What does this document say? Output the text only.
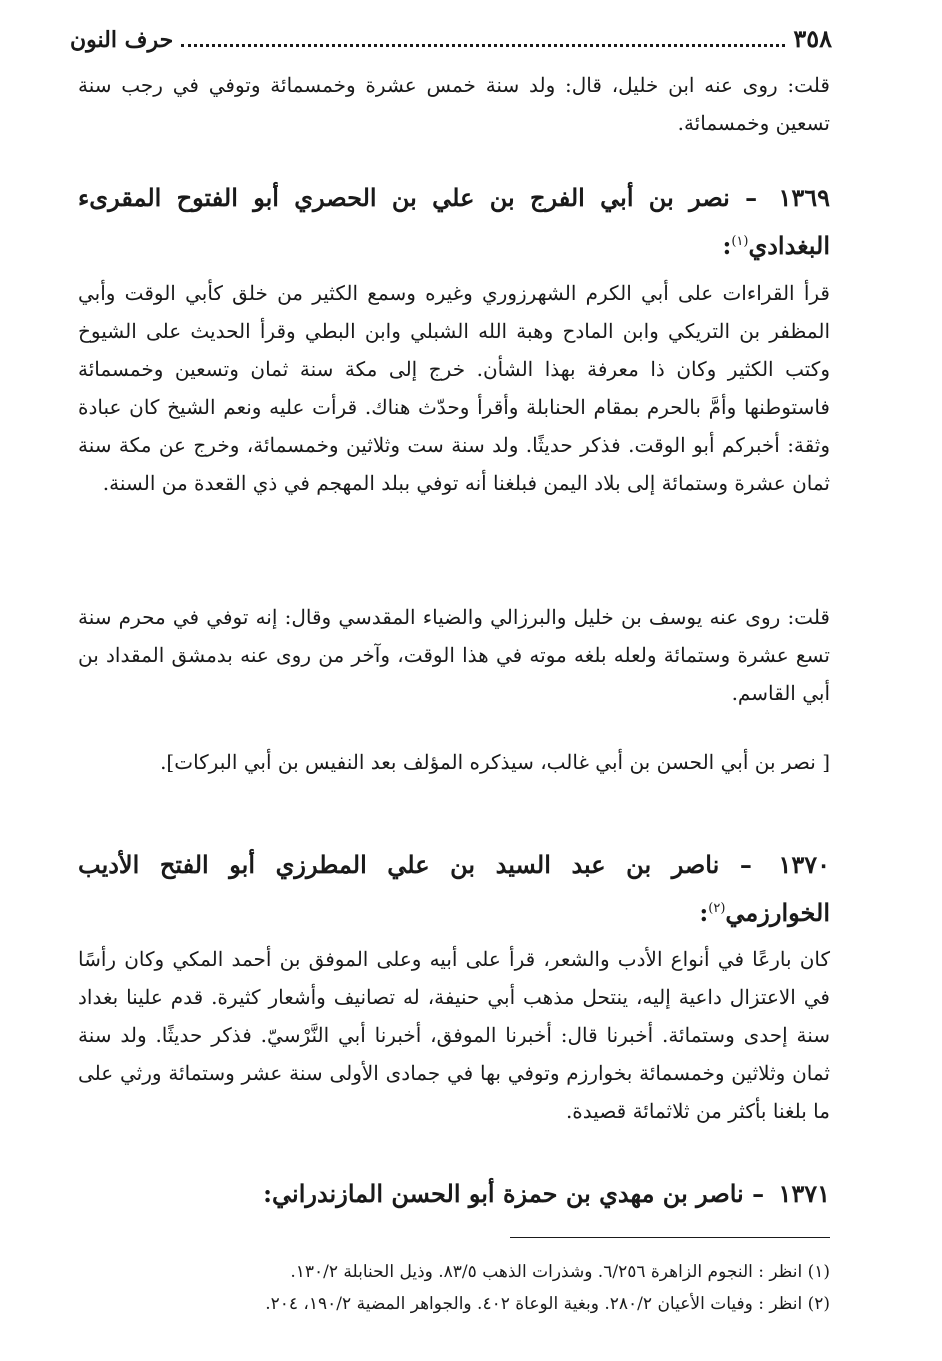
٣٥٨
حرف النون

قلت: روى عنه ابن خليل، قال: ولد سنة خمس عشرة وخمسمائة وتوفي في رجب سنة تسعين وخمسمائة.

١٣٦٩ – نصر بن أبي الفرج بن علي بن الحصري أبو الفتوح المقرىء البغدادي$^{(١)}$:

قرأ القراءات على أبي الكرم الشهرزوري وغيره وسمع الكثير من خلق كأبي الوقت وأبي المظفر بن التريكي وابن المادح وهبة الله الشبلي وابن البطي وقرأ الحديث على الشيوخ وكتب الكثير وكان ذا معرفة بهذا الشأن. خرج إلى مكة سنة ثمان وتسعين وخمسمائة فاستوطنها وأمَّ بالحرم بمقام الحنابلة وأقرأ وحدّث هناك. قرأت عليه ونعم الشيخ كان عبادة وثقة: أخبركم أبو الوقت. فذكر حديثًا. ولد سنة ست وثلاثين وخمسمائة، وخرج عن مكة سنة ثمان عشرة وستمائة إلى بلاد اليمن فبلغنا أنه توفي ببلد المهجم في ذي القعدة من السنة.

قلت: روى عنه يوسف بن خليل والبرزالي والضياء المقدسي وقال: إنه توفي في محرم سنة تسع عشرة وستمائة ولعله بلغه موته في هذا الوقت، وآخر من روى عنه بدمشق المقداد بن أبي القاسم.

[ نصر بن أبي الحسن بن أبي غالب، سيذكره المؤلف بعد النفيس بن أبي البركات].

١٣٧٠ – ناصر بن عبد السيد بن علي المطرزي أبو الفتح الأديب الخوارزمي$^{(٢)}$:

كان بارعًا في أنواع الأدب والشعر، قرأ على أبيه وعلى الموفق بن أحمد المكي وكان رأسًا في الاعتزال داعية إليه، ينتحل مذهب أبي حنيفة، له تصانيف وأشعار كثيرة. قدم علينا بغداد سنة إحدى وستمائة. أخبرنا قال: أخبرنا الموفق، أخبرنا أبي النَّرْسيّ. فذكر حديثًا. ولد سنة ثمان وثلاثين وخمسمائة بخوارزم وتوفي بها في جمادى الأولى سنة عشر وستمائة ورثي على ما بلغنا بأكثر من ثلاثمائة قصيدة.

١٣٧١ – ناصر بن مهدي بن حمزة أبو الحسن المازندراني:
(١) انظر : النجوم الزاهرة ٦/٢٥٦. وشذرات الذهب ٨٣/٥. وذيل الحنابلة ١٣٠/٢.
(٢) انظر : وفيات الأعيان ٢٨٠/٢. وبغية الوعاة ٤٠٢. والجواهر المضية ١٩٠/٢، ٢٠٤.
